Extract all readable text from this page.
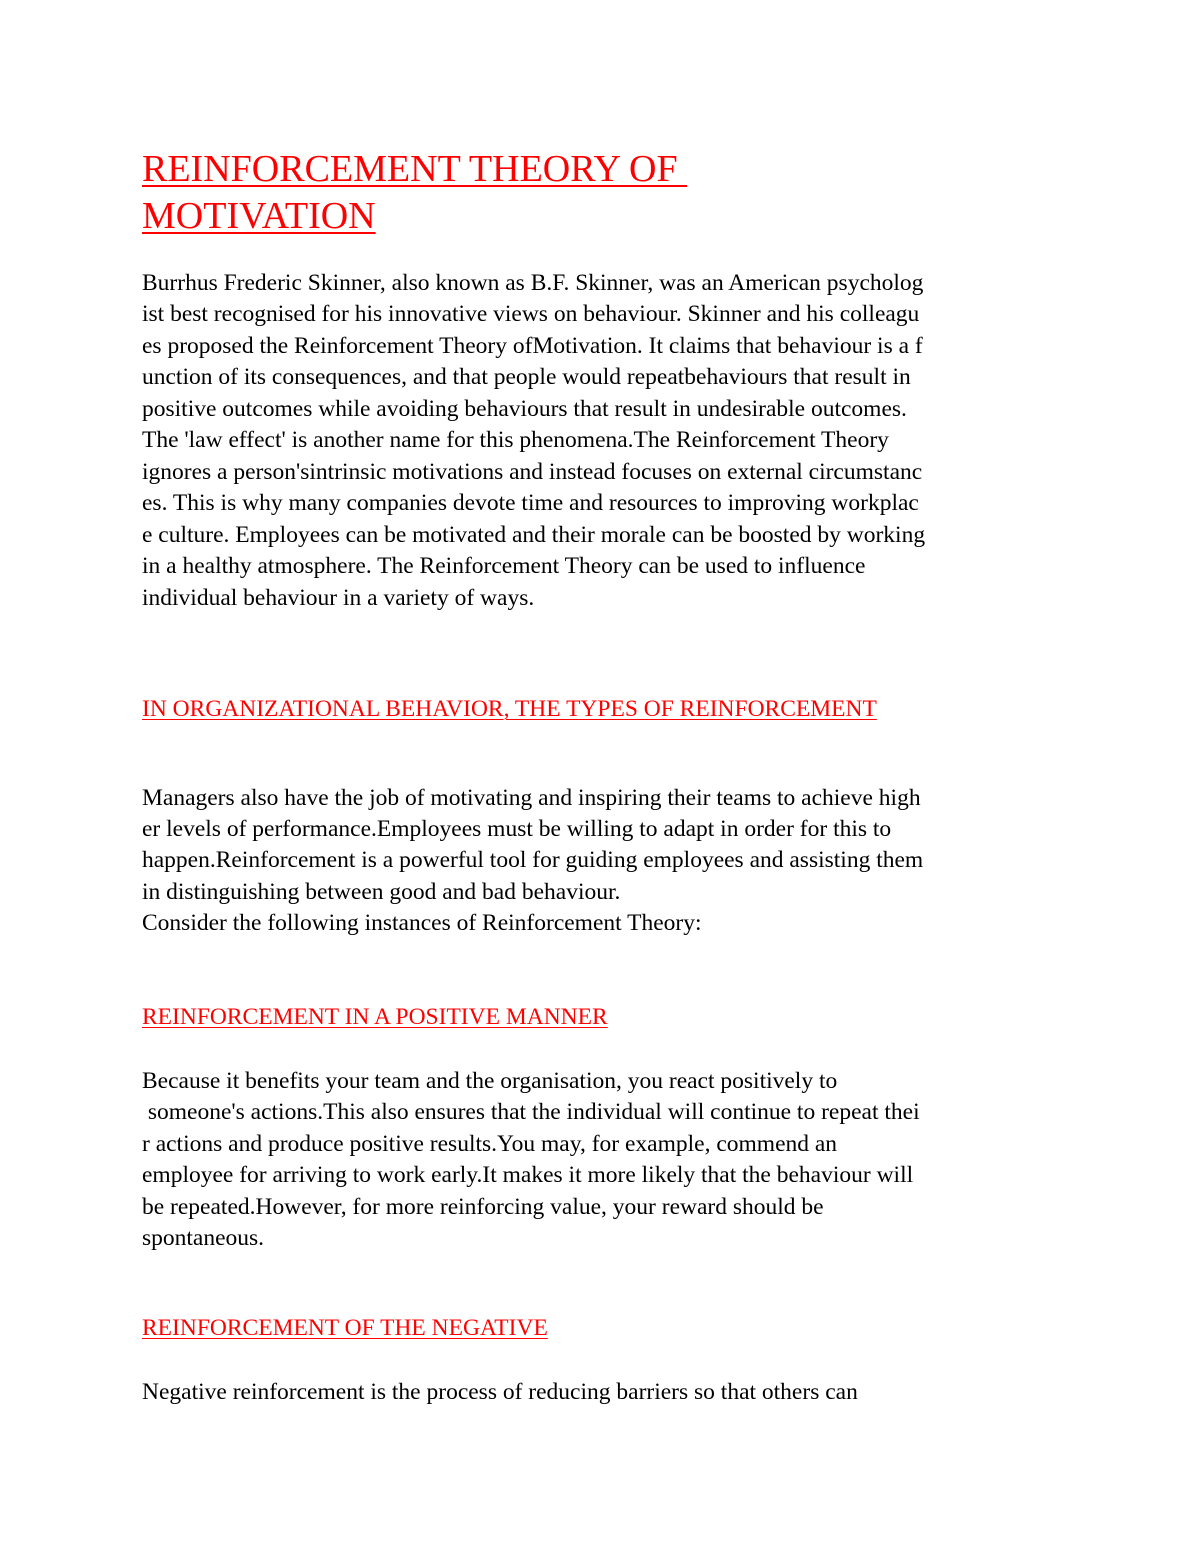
REINFORCEMENT THEORY OF
MOTIVATION
Burrhus Frederic Skinner, also known as B.F. Skinner, was an American psycholog
ist best recognised for his innovative views on behaviour. Skinner and his colleagu
es proposed the Reinforcement Theory ofMotivation. It claims that behaviour is a f
unction of its consequences, and that people would repeatbehaviours that result in
positive outcomes while avoiding behaviours that result in undesirable outcomes.
The 'law effect' is another name for this phenomena.The Reinforcement Theory
ignores a person'sintrinsic motivations and instead focuses on external circumstanc
es. This is why many companies devote time and resources to improving workplac
e culture. Employees can be motivated and their morale can be boosted by working
in a healthy atmosphere. The Reinforcement Theory can be used to influence
individual behaviour in a variety of ways.
IN ORGANIZATIONAL BEHAVIOR, THE TYPES OF REINFORCEMENT
Managers also have the job of motivating and inspiring their teams to achieve high
er levels of performance.Employees must be willing to adapt in order for this to
happen.Reinforcement is a powerful tool for guiding employees and assisting them
in distinguishing between good and bad behaviour.
Consider the following instances of Reinforcement Theory:
REINFORCEMENT IN A POSITIVE MANNER
Because it benefits your team and the organisation, you react positively to
someone's actions.This also ensures that the individual will continue to repeat thei
r actions and produce positive results.You may, for example, commend an
employee for arriving to work early.It makes it more likely that the behaviour will
be repeated.However, for more reinforcing value, your reward should be
spontaneous.
REINFORCEMENT OF THE NEGATIVE
Negative reinforcement is the process of reducing barriers so that others can
